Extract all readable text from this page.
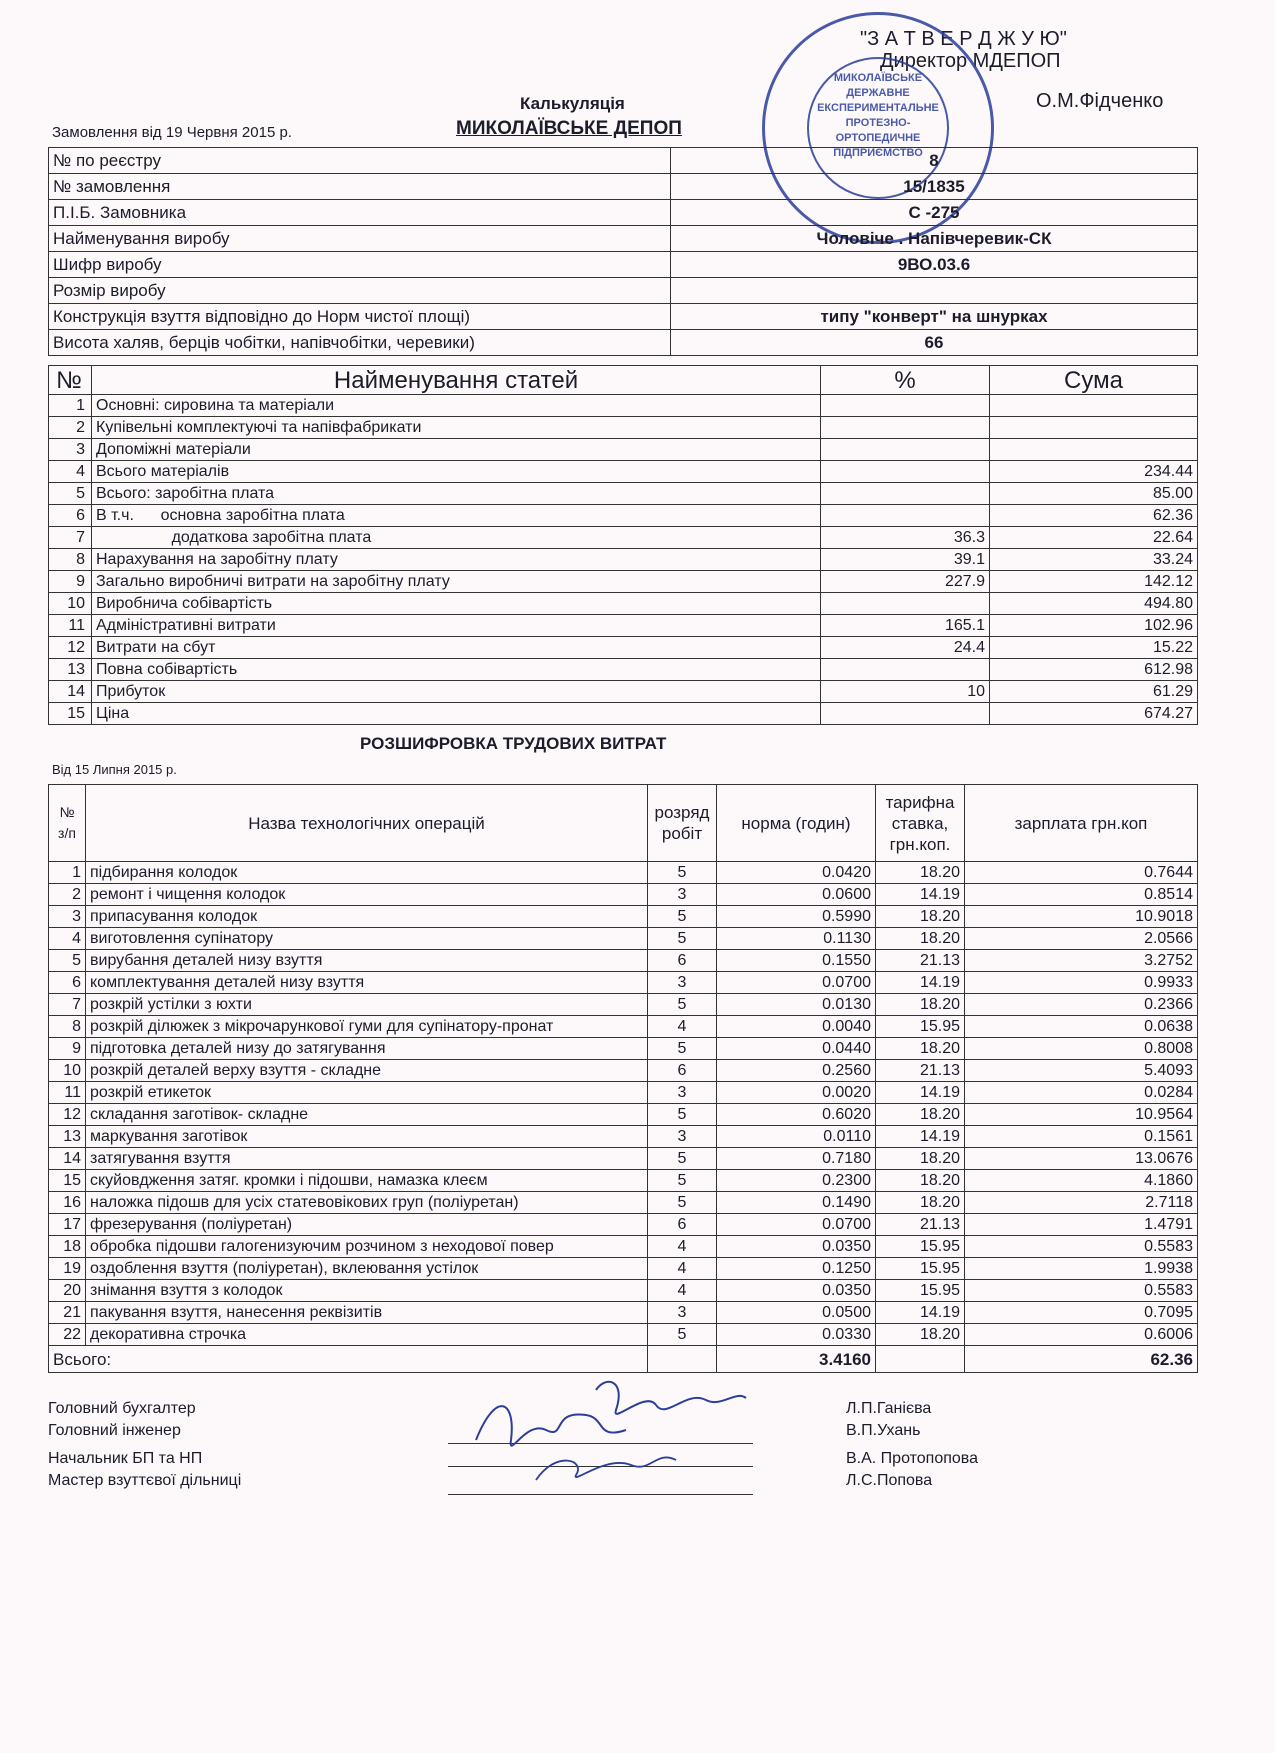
"З А Т В Е Р Д Ж У Ю"
Директор МДЕПОП
О.М.Фідченко
МИКОЛАЇВСЬКЕ ДЕРЖАВНЕ ЕКСПЕРИМЕНТАЛЬНЕ ПРОТЕЗНО-ОРТОПЕДИЧНЕ ПІДПРИЄМСТВО
Калькуляція
МИКОЛАЇВСЬКЕ ДЕПОП
Замовлення від 19 Червня 2015 р.
№ по реєстру	8
№ замовлення	15/1835
П.І.Б. Замовника	С -275
Найменування виробу	Чоловіче . Напівчеревик-СК
Шифр виробу	9ВО.03.6
Розмір виробу	
Конструкція взуття відповідно до Норм чистої площі)	типу "конверт" на шнурках
Висота халяв, берців чобітки, напівчобітки, черевики)	66
№	Найменування статей	%	Сума
1	Основні: сировина та матеріали		
2	Купівельні комплектуючі та напівфабрикати		
3	Допоміжні матеріали		
4	Всього матеріалів		234.44
5	Всього: заробітна плата		85.00
6	В т.ч.      основна заробітна плата		62.36
7	додаткова заробітна плата	36.3	22.64
8	Нарахування на заробітну плату	39.1	33.24
9	Загально виробничі витрати на заробітну плату	227.9	142.12
10	Виробнича собівартість		494.80
11	Адміністративні витрати	165.1	102.96
12	Витрати на сбут	24.4	15.22
13	Повна собівартість		612.98
14	Прибуток	10	61.29
15	Ціна		674.27
РОЗШИФРОВКА ТРУДОВИХ ВИТРАТ
Від 15 Липня 2015 р.
№ з/п	Назва технологічних операцій	розряд робіт	норма (годин)	тарифна ставка, грн.коп.	зарплата грн.коп
1	підбирання колодок	5	0.0420	18.20	0.7644
2	ремонт і чищення колодок	3	0.0600	14.19	0.8514
3	припасування колодок	5	0.5990	18.20	10.9018
4	виготовлення супінатору	5	0.1130	18.20	2.0566
5	вирубання деталей низу взуття	6	0.1550	21.13	3.2752
6	комплектування деталей низу взуття	3	0.0700	14.19	0.9933
7	розкрій устілки з юхти	5	0.0130	18.20	0.2366
8	розкрій ділюжек з мікрочарункової гуми для супінатору-пронат	4	0.0040	15.95	0.0638
9	підготовка деталей низу до затягування	5	0.0440	18.20	0.8008
10	розкрій деталей верху взуття - складне	6	0.2560	21.13	5.4093
11	розкрій етикеток	3	0.0020	14.19	0.0284
12	складання заготівок- складне	5	0.6020	18.20	10.9564
13	маркування заготівок	3	0.0110	14.19	0.1561
14	затягування взуття	5	0.7180	18.20	13.0676
15	скуйовдження затяг. кромки і підошви, намазка клеєм	5	0.2300	18.20	4.1860
16	наложка підошв для усіх статевовікових груп (поліуретан)	5	0.1490	18.20	2.7118
17	фрезерування (поліуретан)	6	0.0700	21.13	1.4791
18	обробка підошви галогенизуючим розчином з неходової повер	4	0.0350	15.95	0.5583
19	оздоблення взуття (поліуретан), вклеювання устілок	4	0.1250	15.95	1.9938
20	знімання взуття з колодок	4	0.0350	15.95	0.5583
21	пакування взуття, нанесення реквізитів	3	0.0500	14.19	0.7095
22	декоративна строчка	5	0.0330	18.20	0.6006
Всього:			3.4160		62.36
Головний бухгалтер
Головний інженер
Начальник БП та НП
Мастер взуттєвої дільниці
Л.П.Ганієва
В.П.Ухань
В.А. Протопопова
Л.С.Попова
